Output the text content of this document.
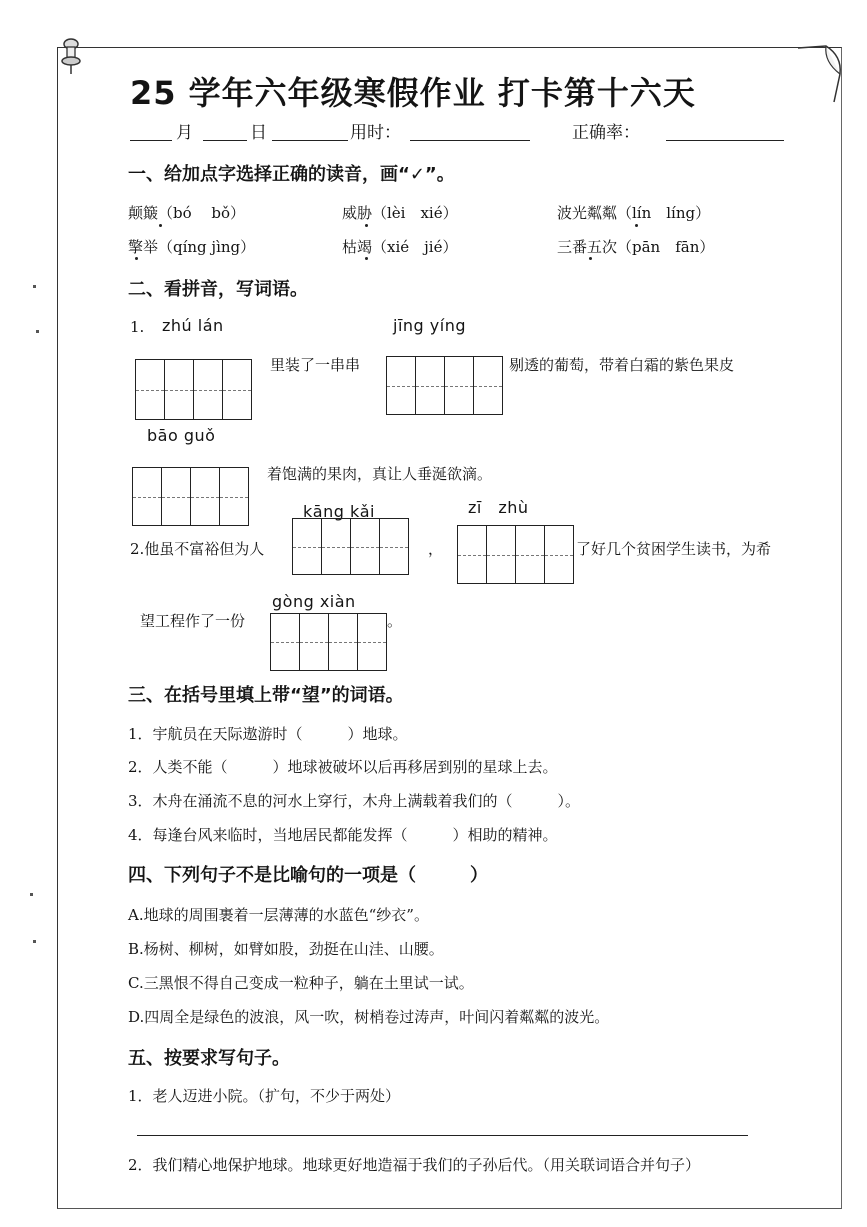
25 学年六年级寒假作业 打卡第十六天
月	日	用时：	正确率：
一、给加点字选择正确的读音，画“✓”。
颠簸（bó　 bǒ）	威胁（lèi　xié）	波光粼粼（lín　líng）
擎举（qíng jìng）	枯竭（xié　jié）	三番五次（pān　fān）
二、看拼音，写词语。
1. zhú lán	jīng yíng
里装了一串串	剔透的葡萄，带着白霜的紫色果皮
bāo guǒ
着饱满的果肉，真让人垂涎欲滴。
kāng kǎi	zī　zhù
2.他虽不富裕但为人	，	了好几个贫困学生读书，为希
gòng xiàn
望工程作了一份	。
三、在括号里填上带“望”的词语。
1．宇航员在天际遨游时（　　　）地球。
2．人类不能（　　　）地球被破坏以后再移居到别的星球上去。
3．木舟在涌流不息的河水上穿行，木舟上满载着我们的（　　　）。
4．每逢台风来临时，当地居民都能发挥（　　　）相助的精神。
四、下列句子不是比喻句的一项是（　　　）
A.地球的周围裹着一层薄薄的水蓝色“纱衣”。
B.杨树、柳树，如臂如股，劲挺在山洼、山腰。
C.三黑恨不得自己变成一粒种子，躺在土里试一试。
D.四周全是绿色的波浪，风一吹，树梢卷过涛声，叶间闪着粼粼的波光。
五、按要求写句子。
1．老人迈进小院。（扩句，不少于两处）
2．我们精心地保护地球。地球更好地造福于我们的子孙后代。（用关联词语合并句子）
